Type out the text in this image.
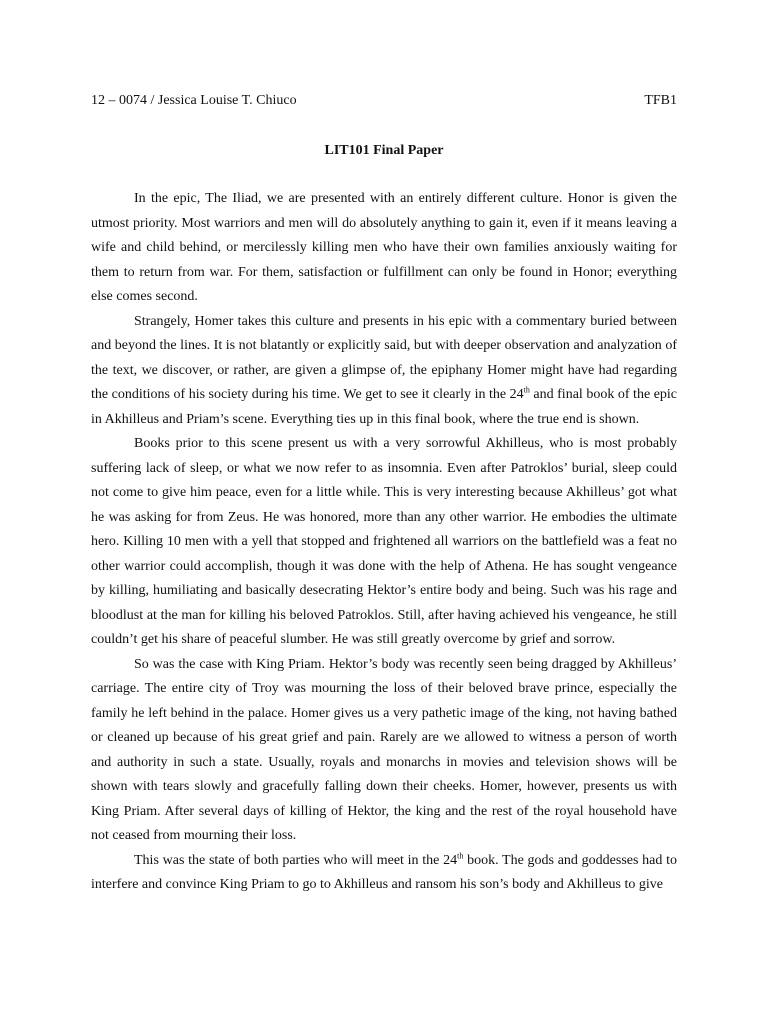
12 – 0074 / Jessica Louise T. Chiuco	TFB1
LIT101 Final Paper

In the epic, The Iliad, we are presented with an entirely different culture. Honor is given the utmost priority. Most warriors and men will do absolutely anything to gain it, even if it means leaving a wife and child behind, or mercilessly killing men who have their own families anxiously waiting for them to return from war. For them, satisfaction or fulfillment can only be found in Honor; everything else comes second.

Strangely, Homer takes this culture and presents in his epic with a commentary buried between and beyond the lines. It is not blatantly or explicitly said, but with deeper observation and analyzation of the text, we discover, or rather, are given a glimpse of, the epiphany Homer might have had regarding the conditions of his society during his time. We get to see it clearly in the 24th and final book of the epic in Akhilleus and Priam’s scene. Everything ties up in this final book, where the true end is shown.

Books prior to this scene present us with a very sorrowful Akhilleus, who is most probably suffering lack of sleep, or what we now refer to as insomnia. Even after Patroklos’ burial, sleep could not come to give him peace, even for a little while. This is very interesting because Akhilleus’ got what he was asking for from Zeus. He was honored, more than any other warrior. He embodies the ultimate hero. Killing 10 men with a yell that stopped and frightened all warriors on the battlefield was a feat no other warrior could accomplish, though it was done with the help of Athena. He has sought vengeance by killing, humiliating and basically desecrating Hektor’s entire body and being. Such was his rage and bloodlust at the man for killing his beloved Patroklos. Still, after having achieved his vengeance, he still couldn’t get his share of peaceful slumber. He was still greatly overcome by grief and sorrow.

So was the case with King Priam. Hektor’s body was recently seen being dragged by Akhilleus’ carriage. The entire city of Troy was mourning the loss of their beloved brave prince, especially the family he left behind in the palace. Homer gives us a very pathetic image of the king, not having bathed or cleaned up because of his great grief and pain. Rarely are we allowed to witness a person of worth and authority in such a state. Usually, royals and monarchs in movies and television shows will be shown with tears slowly and gracefully falling down their cheeks. Homer, however, presents us with King Priam. After several days of killing of Hektor, the king and the rest of the royal household have not ceased from mourning their loss.

This was the state of both parties who will meet in the 24th book. The gods and goddesses had to interfere and convince King Priam to go to Akhilleus and ransom his son’s body and Akhilleus to give
